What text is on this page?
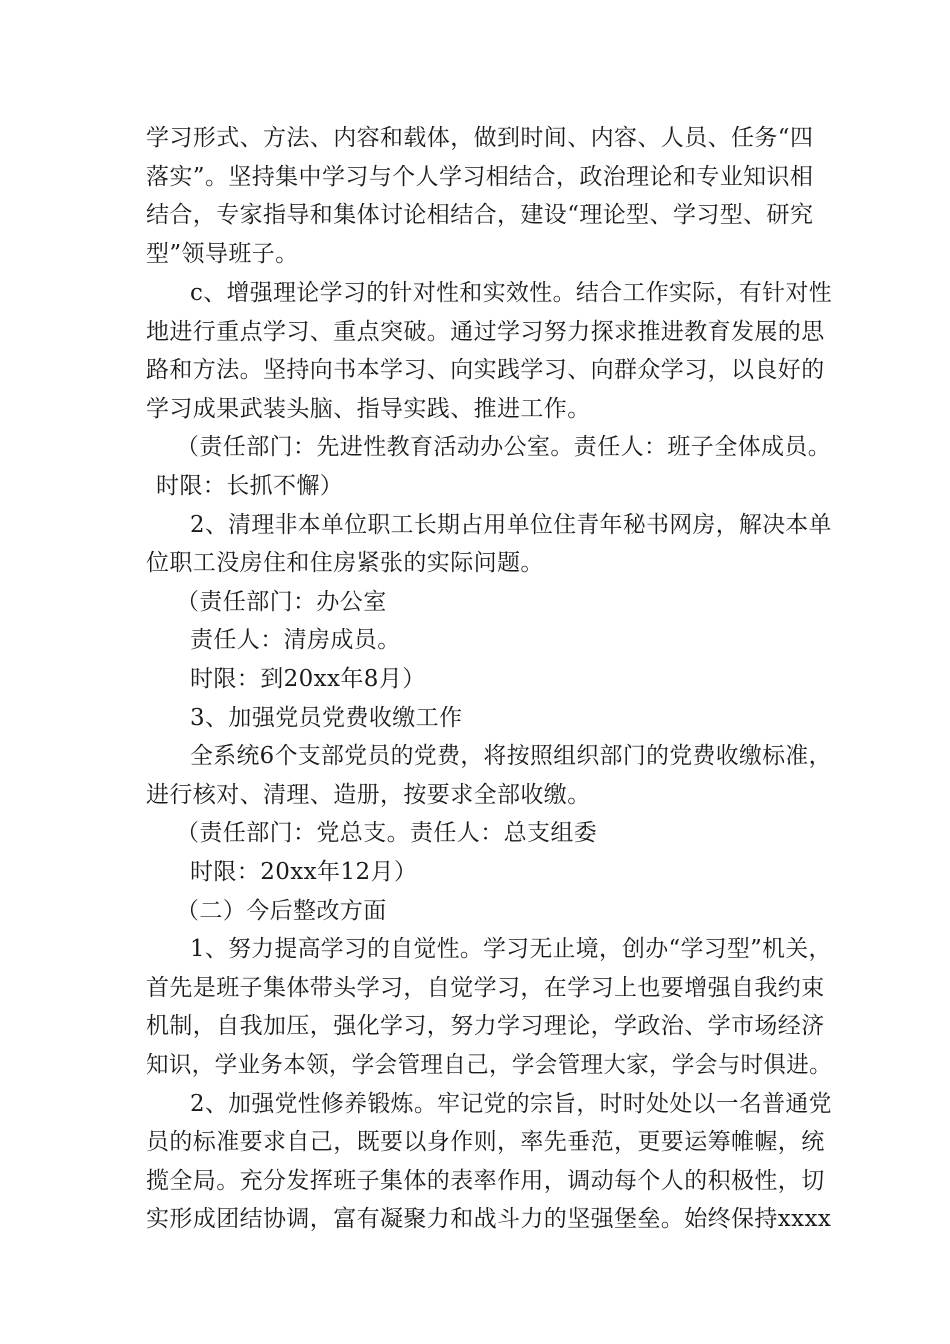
学习形式、方法、内容和载体，做到时间、内容、人员、任务“四
落实”。坚持集中学习与个人学习相结合，政治理论和专业知识相
结合，专家指导和集体讨论相结合，建设“理论型、学习型、研究
型”领导班子。
c、增强理论学习的针对性和实效性。结合工作实际，有针对性
地进行重点学习、重点突破。通过学习努力探求推进教育发展的思
路和方法。坚持向书本学习、向实践学习、向群众学习，以良好的
学习成果武装头脑、指导实践、推进工作。
（责任部门：先进性教育活动办公室。责任人：班子全体成员。
时限：长抓不懈）
2、清理非本单位职工长期占用单位住青年秘书网房，解决本单
位职工没房住和住房紧张的实际问题。
（责任部门：办公室
责任人：清房成员。
时限：到20xx年8月）
3、加强党员党费收缴工作
全系统6个支部党员的党费，将按照组织部门的党费收缴标准，
进行核对、清理、造册，按要求全部收缴。
（责任部门：党总支。责任人：总支组委
时限：20xx年12月）
（二）今后整改方面
1、努力提高学习的自觉性。学习无止境，创办“学习型”机关，
首先是班子集体带头学习，自觉学习，在学习上也要增强自我约束
机制，自我加压，强化学习，努力学习理论，学政治、学市场经济
知识，学业务本领，学会管理自己，学会管理大家，学会与时俱进。
2、加强党性修养锻炼。牢记党的宗旨，时时处处以一名普通党
员的标准要求自己，既要以身作则，率先垂范，更要运筹帷幄，统
揽全局。充分发挥班子集体的表率作用，调动每个人的积极性，切
实形成团结协调，富有凝聚力和战斗力的坚强堡垒。始终保持xxxx
